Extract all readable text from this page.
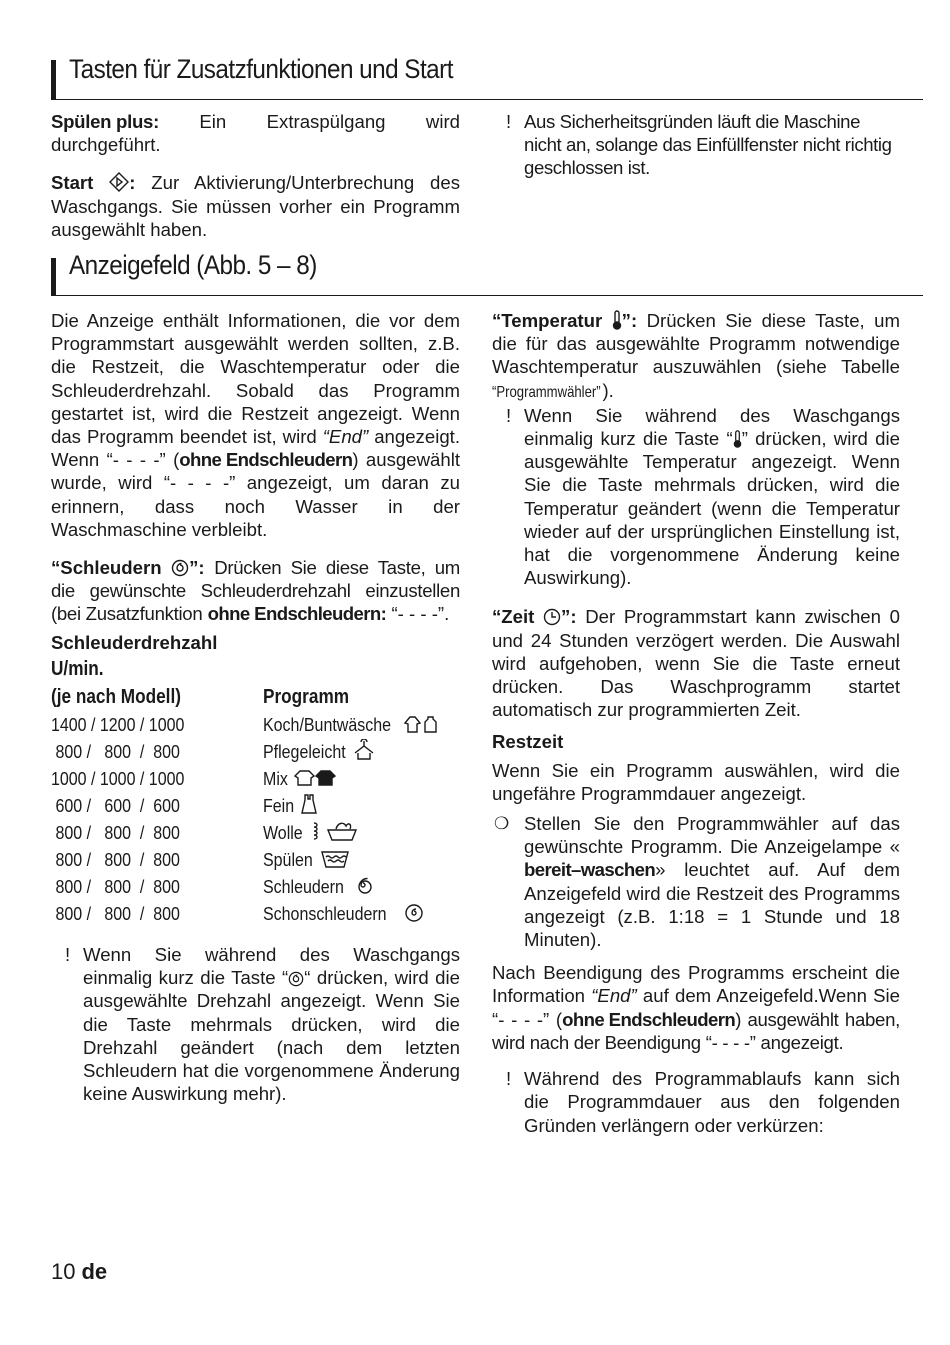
Tasten für Zusatzfunktionen und Start

Spülen plus: Ein Extraspülgang wird durchgeführt.

Start : Zur Aktivierung/Unterbrechung des Waschgangs. Sie müssen vorher ein Programm ausgewählt haben.

! Aus Sicherheitsgründen läuft die Maschine nicht an, solange das Einfüllfenster nicht richtig geschlossen ist.

Anzeigefeld (Abb. 5 – 8)

Die Anzeige enthält Informationen, die vor dem Programmstart ausgewählt werden sollten, z.B. die Restzeit, die Waschtemperatur oder die Schleuderdrehzahl. Sobald das Programm gestartet ist, wird die Restzeit angezeigt. Wenn das Programm beendet ist, wird “End” angezeigt. Wenn “- - - -” (ohne Endschleudern) ausgewählt wurde, wird “- - - -” angezeigt, um daran zu erinnern, dass noch Wasser in der Waschmaschine verbleibt.

“Schleudern ”: Drücken Sie diese Taste, um die gewünschte Schleuderdrehzahl einzustellen (bei Zusatzfunktion ohne Endschleudern: “- - - -”.

Schleuderdrehzahl

U/min.

(je nach Modell)	Programm
1400 / 1200 / 1000	Koch/Buntwäsche
800 /   800  /  800	Pflegeleicht
1000 / 1000 / 1000	Mix
600 /   600  /  600	Fein
800 /   800  /  800	Wolle
800 /   800  /  800	Spülen
800 /   800  /  800	Schleudern
800 /   800  /  800	Schonschleudern
! Wenn Sie während des Waschgangs einmalig kurz die Taste “ “ drücken, wird die ausgewählte Drehzahl angezeigt. Wenn Sie die Taste mehrmals drücken, wird die Drehzahl geändert (nach dem letzten Schleudern hat die vorgenommene Änderung keine Auswirkung mehr).

“Temperatur ”: Drücken Sie diese Taste, um die für das ausgewählte Programm notwendige Waschtemperatur auszuwählen (siehe Tabelle “Programmwähler”).

! Wenn Sie während des Waschgangs einmalig kurz die Taste “ ” drücken, wird die ausgewählte Temperatur angezeigt. Wenn Sie die Taste mehrmals drücken, wird die Temperatur geändert (wenn die Temperatur wieder auf der ursprünglichen Einstellung ist, hat die vorgenommene Änderung keine Auswirkung).

“Zeit ”: Der Programmstart kann zwischen 0 und 24 Stunden verzögert werden. Die Auswahl wird aufgehoben, wenn Sie die Taste erneut drücken. Das Waschprogramm startet automatisch zur programmierten Zeit.

Restzeit

Wenn Sie ein Programm auswählen, wird die ungefähre Programmdauer angezeigt.

❍ Stellen Sie den Programmwähler auf das gewünschte Programm. Die Anzeigelampe «bereit–waschen» leuchtet auf. Auf dem Anzeigefeld wird die Restzeit des Programms angezeigt (z.B. 1:18 = 1 Stunde und 18 Minuten).

Nach Beendigung des Programms erscheint die Information “End” auf dem Anzeigefeld.Wenn Sie “- - - -” (ohne Endschleudern) ausgewählt haben, wird nach der Beendigung “- - - -” angezeigt.

! Während des Programmablaufs kann sich die Programmdauer aus den folgenden Gründen verlängern oder verkürzen:

10 de
